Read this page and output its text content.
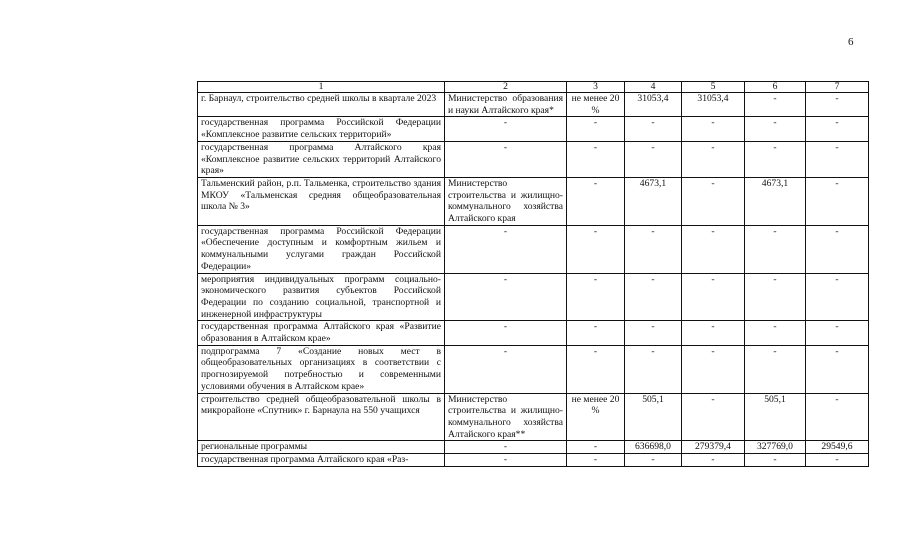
6
1	2	3	4	5	6	7
г. Барнаул, строительство средней школы в квартале 2023	Министерство образования и науки Алтайского края*	не менее 20 %	31053,4	31053,4	-	-
государственная программа Российской Федерации «Комплексное развитие сельских территорий»	-	-	-	-	-	-
государственная программа Алтайского края «Комплексное развитие сельских территорий Алтайского края»	-	-	-	-	-	-
Тальменский район, р.п. Тальменка, строительство здания МКОУ «Тальменская средняя общеобразовательная школа № 3»	Министерство строительства и жилищно-коммунального хозяйства Алтайского края	-	4673,1	-	4673,1	-
государственная программа Российской Федерации «Обеспечение доступным и комфортным жильем и коммунальными услугами граждан Российской Федерации»	-	-	-	-	-	-
мероприятия индивидуальных программ социально-экономического развития субъектов Российской Федерации по созданию социальной, транспортной и инженерной инфраструктуры	-	-	-	-	-	-
государственная программа Алтайского края «Развитие образования в Алтайском крае»	-	-	-	-	-	-
подпрограмма 7 «Создание новых мест в общеобразовательных организациях в соответствии с прогнозируемой потребностью и современными условиями обучения в Алтайском крае»	-	-	-	-	-	-
строительство средней общеобразовательной школы в микрорайоне «Спутник» г. Барнаула на 550 учащихся	Министерство строительства и жилищно-коммунального хозяйства Алтайского края**	не менее 20 %	505,1	-	505,1	-
региональные программы	-	-	636698,0	279379,4	327769,0	29549,6
государственная программа Алтайского края «Раз-	-	-	-	-	-	-
